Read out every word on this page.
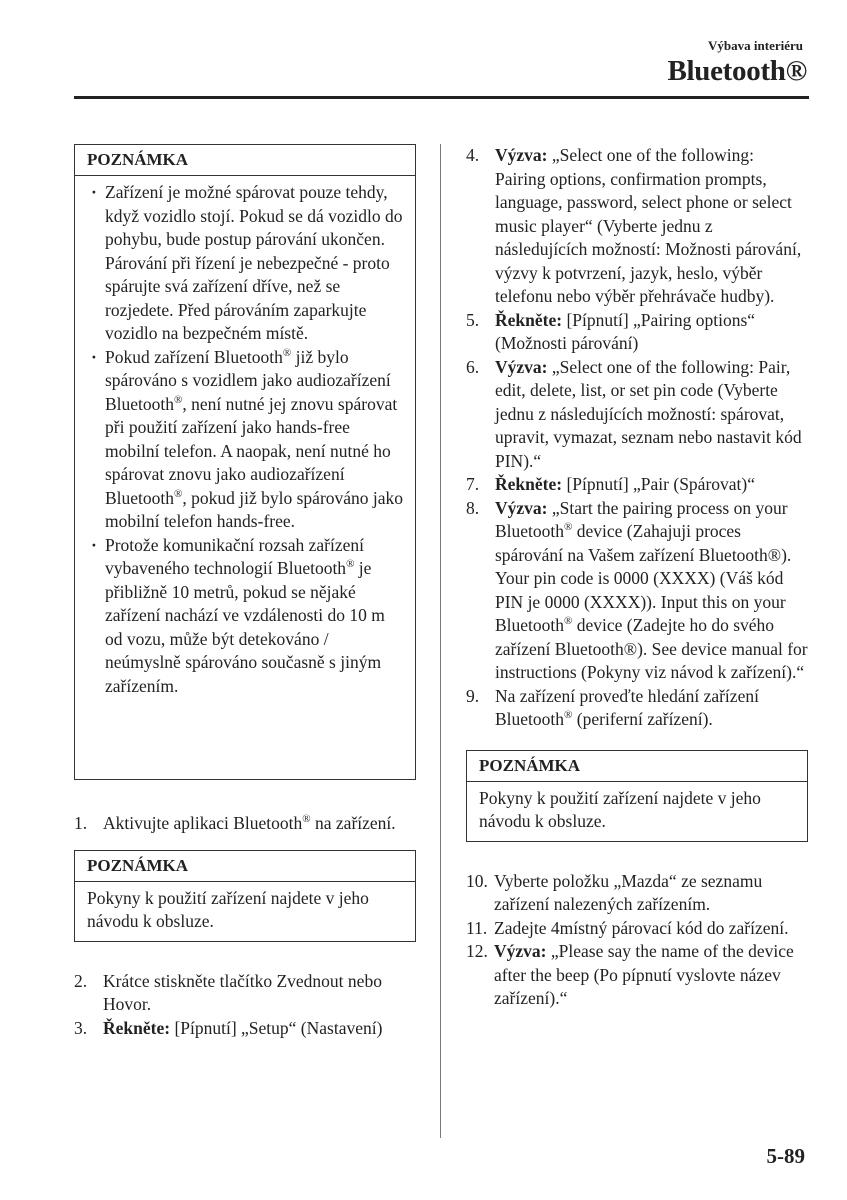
Výbava interiéru
Bluetooth®
POZNÁMKA
· Zařízení je možné spárovat pouze tehdy, když vozidlo stojí. Pokud se dá vozidlo do pohybu, bude postup párování ukončen. Párování při řízení je nebezpečné - proto spárujte svá zařízení dříve, než se rozjedete. Před párováním zaparkujte vozidlo na bezpečném místě.
· Pokud zařízení Bluetooth® již bylo spárováno s vozidlem jako audiozařízení Bluetooth®, není nutné jej znovu spárovat při použití zařízení jako hands-free mobilní telefon. A naopak, není nutné ho spárovat znovu jako audiozařízení Bluetooth®, pokud již bylo spárováno jako mobilní telefon hands-free.
· Protože komunikační rozsah zařízení vybaveného technologií Bluetooth® je přibližně 10 metrů, pokud se nějaké zařízení nachází ve vzdálenosti do 10 m od vozu, může být detekováno / neúmyslně spárováno současně s jiným zařízením.
1. Aktivujte aplikaci Bluetooth® na zařízení.
POZNÁMKA
Pokyny k použití zařízení najdete v jeho návodu k obsluze.
2. Krátce stiskněte tlačítko Zvednout nebo Hovor.
3. Řekněte: [Pípnutí] „Setup“ (Nastavení)
4. Výzva: „Select one of the following: Pairing options, confirmation prompts, language, password, select phone or select music player“ (Vyberte jednu z následujících možností: Možnosti párování, výzvy k potvrzení, jazyk, heslo, výběr telefonu nebo výběr přehrávače hudby).
5. Řekněte: [Pípnutí] „Pairing options“ (Možnosti párování)
6. Výzva: „Select one of the following: Pair, edit, delete, list, or set pin code (Vyberte jednu z následujících možností: spárovat, upravit, vymazat, seznam nebo nastavit kód PIN).“
7. Řekněte: [Pípnutí] „Pair (Spárovat)“
8. Výzva: „Start the pairing process on your Bluetooth® device (Zahajuji proces spárování na Vašem zařízení Bluetooth®). Your pin code is 0000 (XXXX) (Váš kód PIN je 0000 (XXXX)). Input this on your Bluetooth® device (Zadejte ho do svého zařízení Bluetooth®). See device manual for instructions (Pokyny viz návod k zařízení).“
9. Na zařízení proveďte hledání zařízení Bluetooth® (periferní zařízení).
POZNÁMKA
Pokyny k použití zařízení najdete v jeho návodu k obsluze.
10. Vyberte položku „Mazda“ ze seznamu zařízení nalezených zařízením.
11. Zadejte 4místný párovací kód do zařízení.
12. Výzva: „Please say the name of the device after the beep (Po pípnutí vyslovte název zařízení).“
5-89
